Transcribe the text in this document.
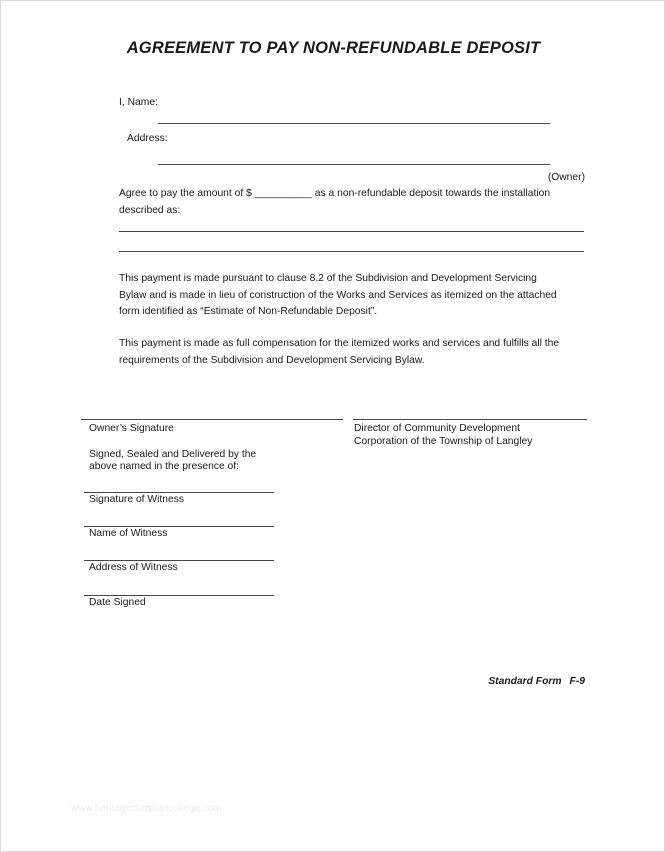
AGREEMENT TO PAY NON-REFUNDABLE DEPOSIT
I, Name:
Address:
(Owner)
Agree to pay the amount of $ __________ as a non-refundable deposit towards the installation
described as:
This payment is made pursuant to clause 8.2 of the Subdivision and Development Servicing
Bylaw and is made in lieu of construction of the Works and Services as itemized on the attached
form identified as “Estimate of Non-Refundable Deposit”.
This payment is made as full compensation for the itemized works and services and fulfills all the
requirements of the Subdivision and Development Servicing Bylaw.
Owner’s Signature	Director of Community Development
Corporation of the Township of Langley
Signed, Sealed and Delivered by the
above named in the presence of:
Signature of Witness
Name of Witness
Address of Witness
Date Signed
Standard Form F-9
www.heritagechristiancollege.com
